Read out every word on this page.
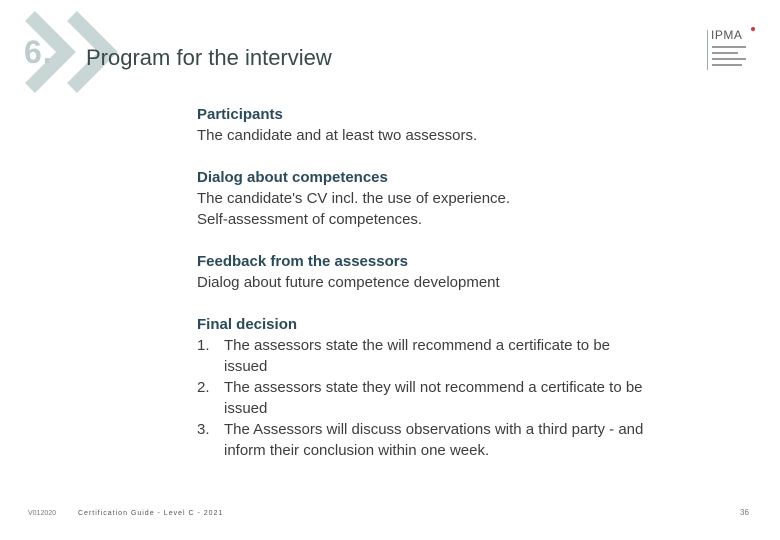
6. Program for the interview
IPMA
Participants
The candidate and at least two assessors.
Dialog about competences
The candidate's CV incl. the use of experience.
Self-assessment of competences.
Feedback from the assessors
Dialog about future competence development
Final decision
1. The assessors state the will recommend a certificate to be issued
2. The assessors state they will not recommend a certificate to be issued
3. The Assessors will discuss observations with a third party - and inform their conclusion within one week.
V012020	Certification Guide - Level C - 2021	36
